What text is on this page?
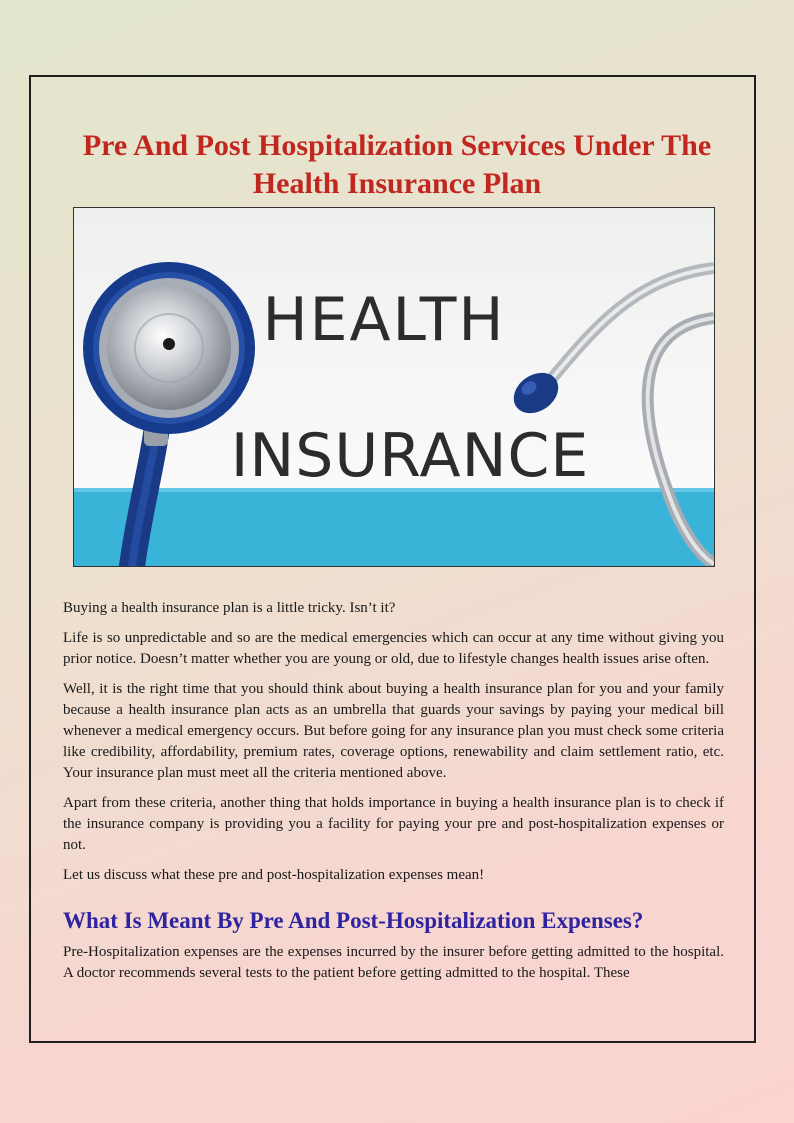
Pre And Post Hospitalization Services Under The Health Insurance Plan
HEALTH
INSURANCE

Buying a health insurance plan is a little tricky. Isn’t it?

Life is so unpredictable and so are the medical emergencies which can occur at any time without giving you prior notice. Doesn’t matter whether you are young or old, due to lifestyle changes health issues arise often.

Well, it is the right time that you should think about buying a health insurance plan for you and your family because a health insurance plan acts as an umbrella that guards your savings by paying your medical bill whenever a medical emergency occurs. But before going for any insurance plan you must check some criteria like credibility, affordability, premium rates, coverage options, renewability and claim settlement ratio, etc. Your insurance plan must meet all the criteria mentioned above.

Apart from these criteria, another thing that holds importance in buying a health insurance plan is to check if the insurance company is providing you a facility for paying your pre and post-hospitalization expenses or not.

Let us discuss what these pre and post-hospitalization expenses mean!

What Is Meant By Pre And Post-Hospitalization Expenses?

Pre-Hospitalization expenses are the expenses incurred by the insurer before getting admitted to the hospital. A doctor recommends several tests to the patient before getting admitted to the hospital. These
